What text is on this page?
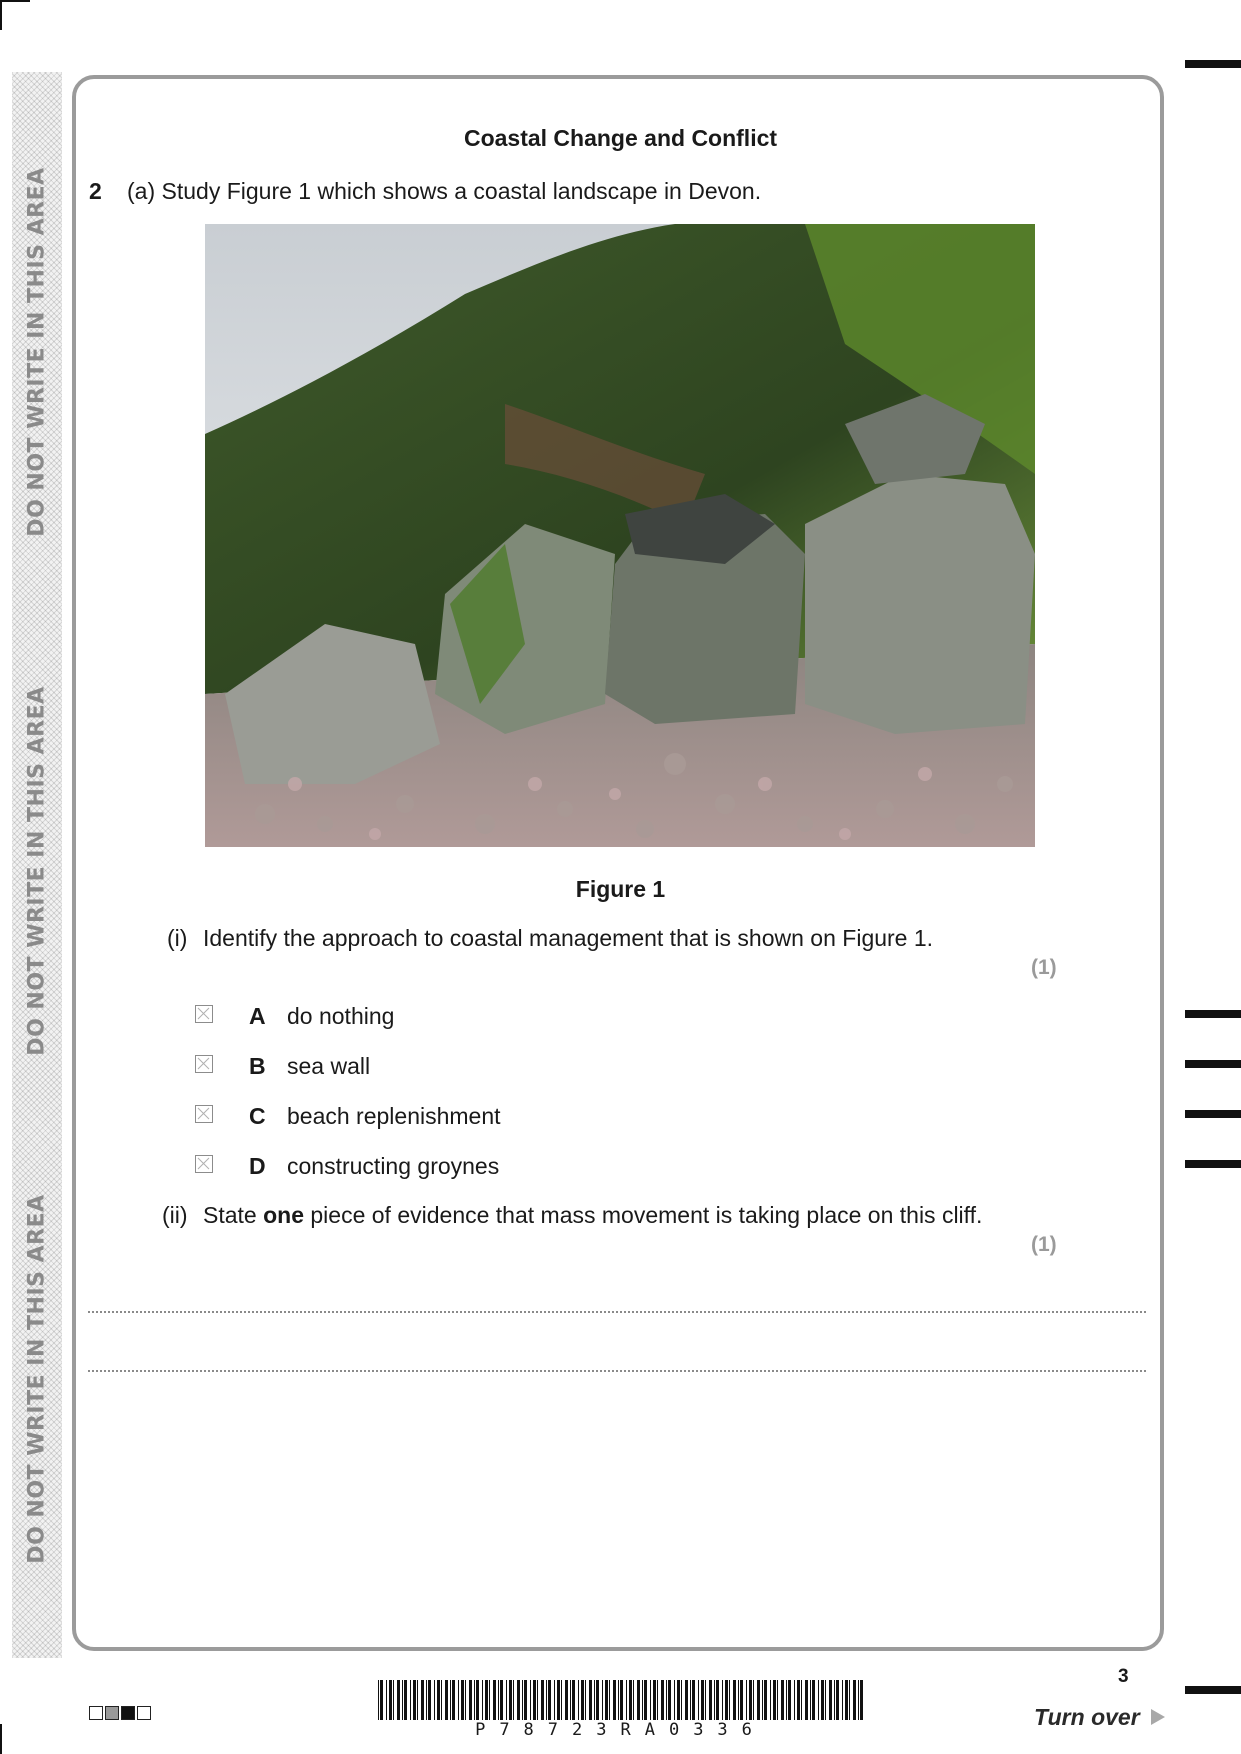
DO NOT WRITE IN THIS AREA
DO NOT WRITE IN THIS AREA
DO NOT WRITE IN THIS AREA
Coastal Change and Conflict
2 (a) Study Figure 1 which shows a coastal landscape in Devon.
Figure 1
(i) Identify the approach to coastal management that is shown on Figure 1.
(1)
A do nothing
B sea wall
C beach replenishment
D constructing groynes
(ii) State one piece of evidence that mass movement is taking place on this cliff.
(1)
P78723RA0336
3
Turn over
